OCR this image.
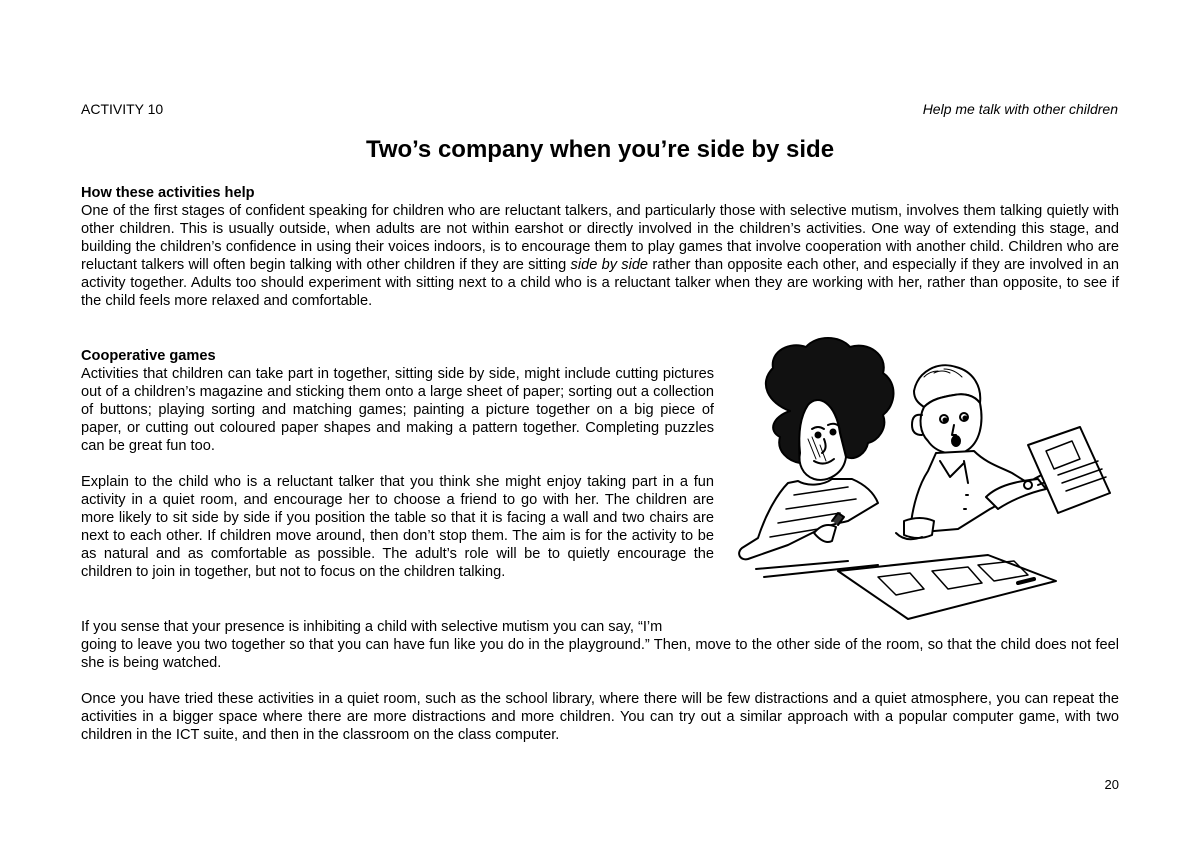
ACTIVITY 10	Help me talk with other children
Two’s company when you’re side by side
How these activities help
One of the first stages of confident speaking for children who are reluctant talkers, and particularly those with selective mutism, involves them talking quietly with other children. This is usually outside, when adults are not within earshot or directly involved in the children’s activities. One way of extending this stage, and building the children’s confidence in using their voices indoors, is to encourage them to play games that involve cooperation with another child. Children who are reluctant talkers will often begin talking with other children if they are sitting side by side rather than opposite each other, and especially if they are involved in an activity together. Adults too should experiment with sitting next to a child who is a reluctant talker when they are working with her, rather than opposite, to see if the child feels more relaxed and comfortable.
Cooperative games
Activities that children can take part in together, sitting side by side, might include cutting pictures out of a children’s magazine and sticking them onto a large sheet of paper; sorting out a collection of buttons; playing sorting and matching games; painting a picture together on a big piece of paper, or cutting out coloured paper shapes and making a pattern together. Completing puzzles can be great fun too.
Explain to the child who is a reluctant talker that you think she might enjoy taking part in a fun activity in a quiet room, and encourage her to choose a friend to go with her. The children are more likely to sit side by side if you position the table so that it is facing a wall and two chairs are next to each other. If children move around, then don’t stop them. The aim is for the activity to be as natural and as comfortable as possible. The adult’s role will be to quietly encourage the children to join in together, but not to focus on the children talking.
If you sense that your presence is inhibiting a child with selective mutism you can say, “I’m
going to leave you two together so that you can have fun like you do in the playground.” Then, move to the other side of the room, so that the child does not feel she is being watched.
Once you have tried these activities in a quiet room, such as the school library, where there will be few distractions and a quiet atmosphere, you can repeat the activities in a bigger space where there are more distractions and more children. You can try out a similar approach with a popular computer game, with two children in the ICT suite, and then in the classroom on the class computer.
20
